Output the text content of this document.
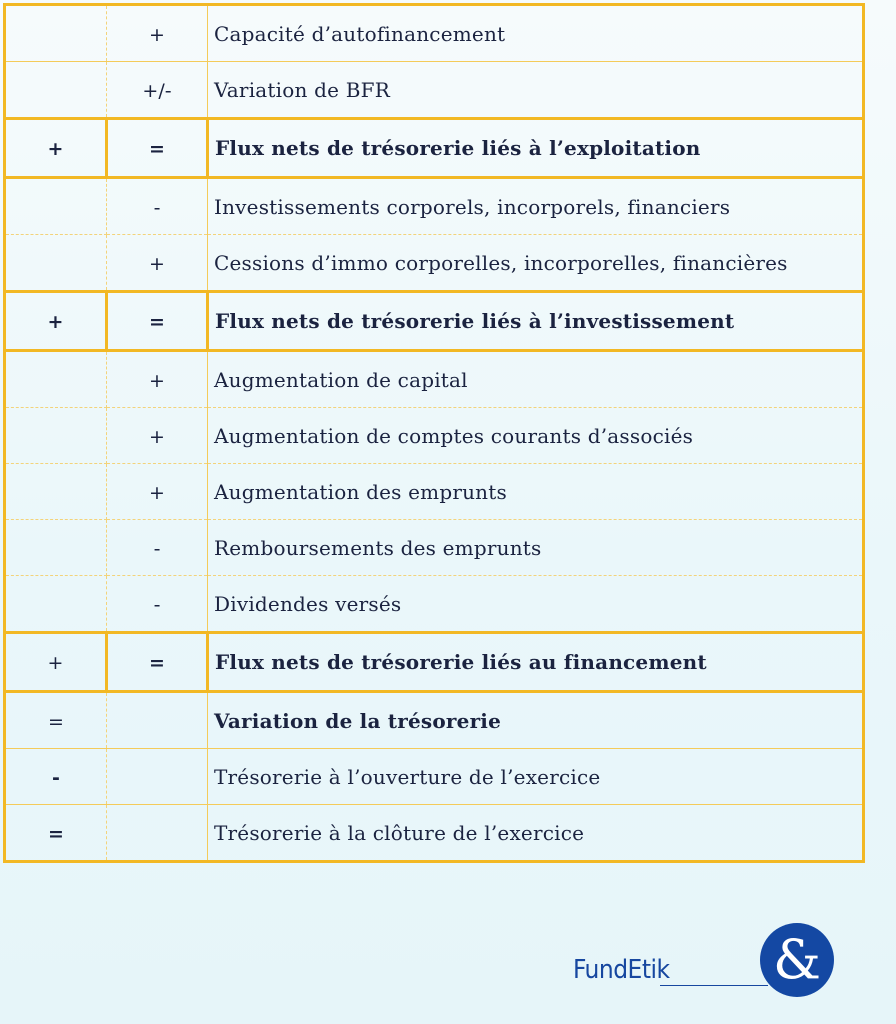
	+	Capacité d’autofinancement
	+/-	Variation de BFR
+	=	Flux nets de trésorerie liés à l’exploitation
	-	Investissements corporels, incorporels, financiers
	+	Cessions d’immo corporelles, incorporelles, financières
+	=	Flux nets de trésorerie liés à l’investissement
	+	Augmentation de capital
	+	Augmentation de comptes courants d’associés
	+	Augmentation des emprunts
	-	Remboursements des emprunts
	-	Dividendes versés
+	=	Flux nets de trésorerie liés au financement
=		Variation de la trésorerie
-		Trésorerie à l’ouverture de l’exercice
=		Trésorerie à la clôture de l’exercice
FundEtik &
